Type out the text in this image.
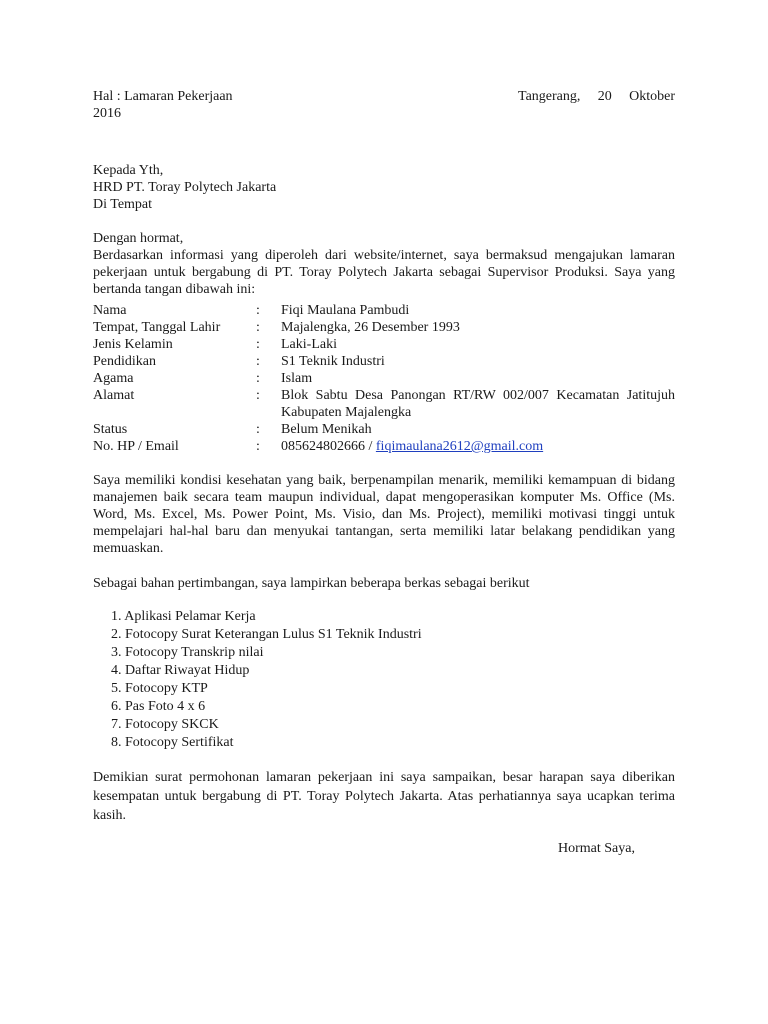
Hal : Lamaran Pekerjaan	Tangerang, 20 Oktober
2016
Kepada Yth,
HRD PT. Toray Polytech Jakarta
Di Tempat
Dengan hormat,
Berdasarkan informasi yang diperoleh dari website/internet, saya bermaksud mengajukan lamaran pekerjaan untuk bergabung di PT. Toray Polytech Jakarta sebagai Supervisor Produksi. Saya yang bertanda tangan dibawah ini:
Nama	:	Fiqi Maulana Pambudi
Tempat, Tanggal Lahir	:	Majalengka, 26 Desember 1993
Jenis Kelamin	:	Laki-Laki
Pendidikan	:	S1 Teknik Industri
Agama	:	Islam
Alamat	:	Blok Sabtu Desa Panongan RT/RW 002/007 Kecamatan Jatitujuh Kabupaten Majalengka
Status	:	Belum Menikah
No. HP / Email	:	085624802666 / fiqimaulana2612@gmail.com
Saya memiliki kondisi kesehatan yang baik, berpenampilan menarik, memiliki kemampuan di bidang manajemen baik secara team maupun individual, dapat mengoperasikan komputer Ms. Office (Ms. Word, Ms. Excel, Ms. Power Point, Ms. Visio, dan Ms. Project), memiliki motivasi tinggi untuk mempelajari hal-hal baru dan menyukai tantangan, serta memiliki latar belakang pendidikan yang memuaskan.
Sebagai bahan pertimbangan, saya lampirkan beberapa berkas sebagai berikut
1. Aplikasi Pelamar Kerja
2. Fotocopy Surat Keterangan Lulus S1 Teknik Industri
3. Fotocopy Transkrip nilai
4. Daftar Riwayat Hidup
5. Fotocopy KTP
6. Pas Foto 4 x 6
7. Fotocopy SKCK
8. Fotocopy Sertifikat
Demikian surat permohonan lamaran pekerjaan ini saya sampaikan, besar harapan saya diberikan kesempatan untuk bergabung di PT. Toray Polytech Jakarta. Atas perhatiannya saya ucapkan terima kasih.
Hormat Saya,
